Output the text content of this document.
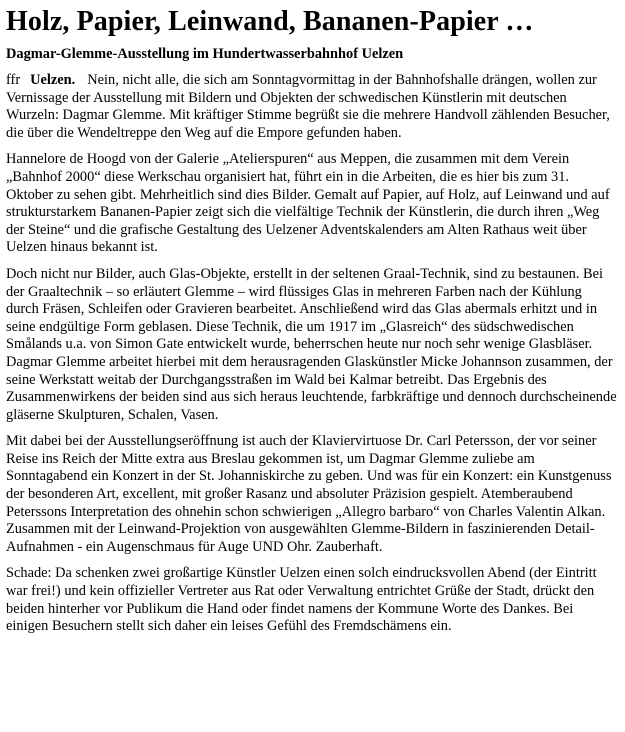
Holz, Papier, Leinwand, Bananen-Papier …
Dagmar-Glemme-Ausstellung im Hundertwasserbahnhof Uelzen

ffr Uelzen. Nein, nicht alle, die sich am Sonntagvormittag in der Bahnhofshalle drängen, wollen zur Vernissage der Ausstellung mit Bildern und Objekten der schwedischen Künstlerin mit deutschen Wurzeln: Dagmar Glemme. Mit kräftiger Stimme begrüßt sie die mehrere Handvoll zählenden Besucher, die über die Wendeltreppe den Weg auf die Empore gefunden haben.

Hannelore de Hoogd von der Galerie „Atelierspuren“ aus Meppen, die zusammen mit dem Verein „Bahnhof 2000“ diese Werkschau organisiert hat, führt ein in die Arbeiten, die es hier bis zum 31. Oktober zu sehen gibt. Mehrheitlich sind dies Bilder. Gemalt auf Papier, auf Holz, auf Leinwand und auf strukturstarkem Bananen-Papier zeigt sich die vielfältige Technik der Künstlerin, die durch ihren „Weg der Steine“ und die grafische Gestaltung des Uelzener Adventskalenders am Alten Rathaus weit über Uelzen hinaus bekannt ist.

Doch nicht nur Bilder, auch Glas-Objekte, erstellt in der seltenen Graal-Technik, sind zu bestaunen. Bei der Graaltechnik – so erläutert Glemme – wird flüssiges Glas in mehreren Farben nach der Kühlung durch Fräsen, Schleifen oder Gravieren bearbeitet. Anschließend wird das Glas abermals erhitzt und in seine endgültige Form geblasen. Diese Technik, die um 1917 im „Glasreich“ des südschwedischen Smålands u.a. von Simon Gate entwickelt wurde, beherrschen heute nur noch sehr wenige Glasbläser. Dagmar Glemme arbeitet hierbei mit dem herausragenden Glaskünstler Micke Johannson zusammen, der seine Werkstatt weitab der Durchgangsstraßen im Wald bei Kalmar betreibt. Das Ergebnis des Zusammenwirkens der beiden sind aus sich heraus leuchtende, farbkräftige und dennoch durchscheinende gläserne Skulpturen, Schalen, Vasen.

Mit dabei bei der Ausstellungseröffnung ist auch der Klaviervirtuose Dr. Carl Petersson, der vor seiner Reise ins Reich der Mitte extra aus Breslau gekommen ist, um Dagmar Glemme zuliebe am Sonntagabend ein Konzert in der St. Johanniskirche zu geben. Und was für ein Konzert: ein Kunstgenuss der besonderen Art, excellent, mit großer Rasanz und absoluter Präzision gespielt. Atemberaubend Peterssons Interpretation des ohnehin schon schwierigen „Allegro barbaro“ von Charles Valentin Alkan. Zusammen mit der Leinwand-Projektion von ausgewählten Glemme-Bildern in faszinierenden Detail-Aufnahmen - ein Augenschmaus für Auge UND Ohr. Zauberhaft.

Schade: Da schenken zwei großartige Künstler Uelzen einen solch eindrucksvollen Abend (der Eintritt war frei!) und kein offizieller Vertreter aus Rat oder Verwaltung entrichtet Grüße der Stadt, drückt den beiden hinterher vor Publikum die Hand oder findet namens der Kommune Worte des Dankes. Bei einigen Besuchern stellt sich daher ein leises Gefühl des Fremdschämens ein.
